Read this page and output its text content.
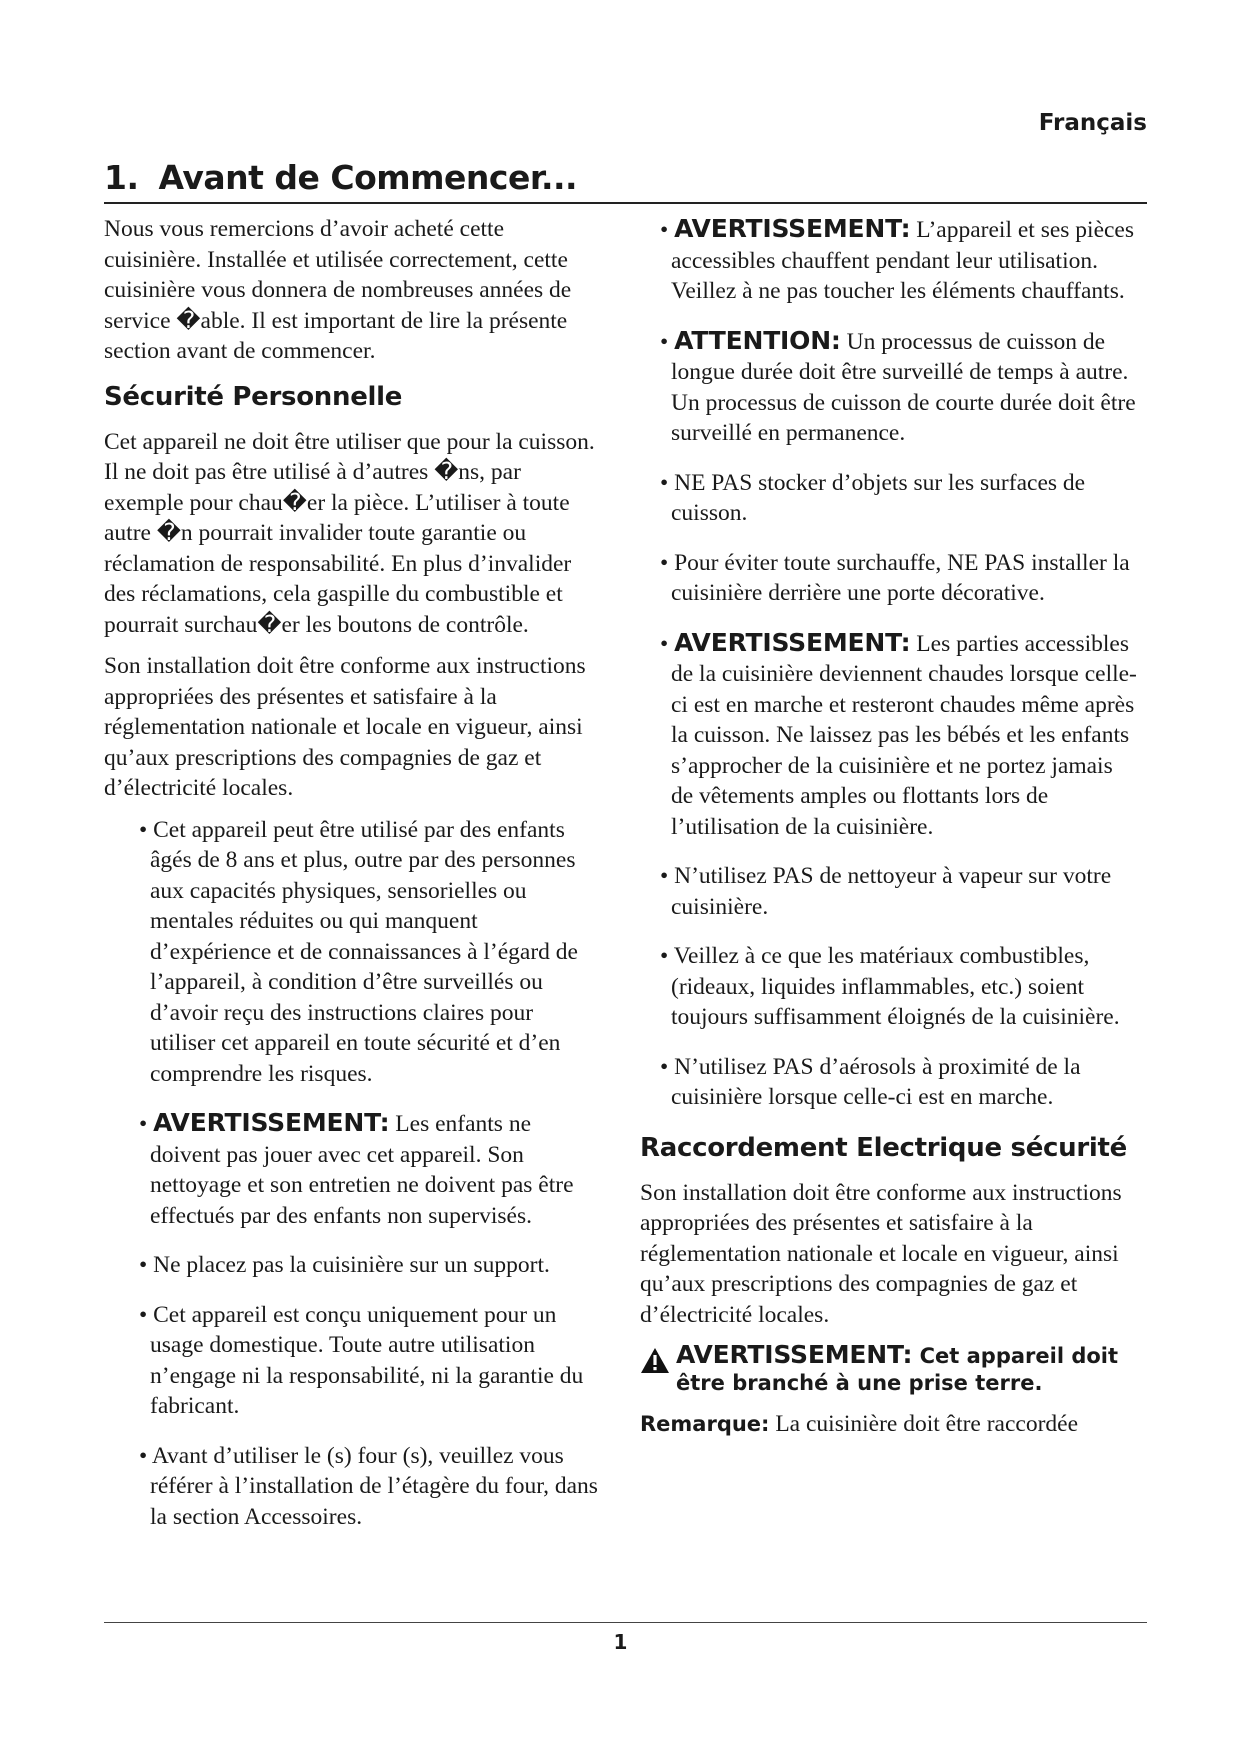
Français
1. Avant de Commencer...

Nous vous remercions d’avoir acheté cette cuisinière. Installée et utilisée correctement, cette cuisinière vous donnera de nombreuses années de service �able. Il est important de lire la présente section avant de commencer.

Sécurité Personnelle

Cet appareil ne doit être utiliser que pour la cuisson. Il ne doit pas être utilisé à d’autres �ns, par exemple pour chau�er la pièce. L’utiliser à toute autre �n pourrait invalider toute garantie ou réclamation de responsabilité. En plus d’invalider des réclamations, cela gaspille du combustible et pourrait surchau�er les boutons de contrôle.

Son installation doit être conforme aux instructions appropriées des présentes et satisfaire à la réglementation nationale et locale en vigueur, ainsi qu’aux prescriptions des compagnies de gaz et d’électricité locales.

• Cet appareil peut être utilisé par des enfants âgés de 8 ans et plus, outre par des personnes aux capacités physiques, sensorielles ou mentales réduites ou qui manquent d’expérience et de connaissances à l’égard de l’appareil, à condition d’être surveillés ou d’avoir reçu des instructions claires pour utiliser cet appareil en toute sécurité et d’en comprendre les risques.
• AVERTISSEMENT: Les enfants ne doivent pas jouer avec cet appareil. Son nettoyage et son entretien ne doivent pas être effectués par des enfants non supervisés.
• Ne placez pas la cuisinière sur un support.
• Cet appareil est conçu uniquement pour un usage domestique. Toute autre utilisation n’engage ni la responsabilité, ni la garantie du fabricant.
• Avant d’utiliser le (s) four (s), veuillez vous référer à l’installation de l’étagère du four, dans la section Accessoires.
• AVERTISSEMENT: L’appareil et ses pièces accessibles chauffent pendant leur utilisation. Veillez à ne pas toucher les éléments chauffants.
• ATTENTION: Un processus de cuisson de longue durée doit être surveillé de temps à autre. Un processus de cuisson de courte durée doit être surveillé en permanence.
• NE PAS stocker d’objets sur les surfaces de cuisson.
• Pour éviter toute surchauffe, NE PAS installer la cuisinière derrière une porte décorative.
• AVERTISSEMENT: Les parties accessibles de la cuisinière deviennent chaudes lorsque celle-ci est en marche et resteront chaudes même après la cuisson. Ne laissez pas les bébés et les enfants s’approcher de la cuisinière et ne portez jamais de vêtements amples ou flottants lors de l’utilisation de la cuisinière.
• N’utilisez PAS de nettoyeur à vapeur sur votre cuisinière.
• Veillez à ce que les matériaux combustibles, (rideaux, liquides inflammables, etc.) soient toujours suffisamment éloignés de la cuisinière.
• N’utilisez PAS d’aérosols à proximité de la cuisinière lorsque celle-ci est en marche.
Raccordement Electrique sécurité

Son installation doit être conforme aux instructions appropriées des présentes et satisfaire à la réglementation nationale et locale en vigueur, ainsi qu’aux prescriptions des compagnies de gaz et d’électricité locales.

AVERTISSEMENT: Cet appareil doit être branché à une prise terre.

Remarque: La cuisinière doit être raccordée

1
